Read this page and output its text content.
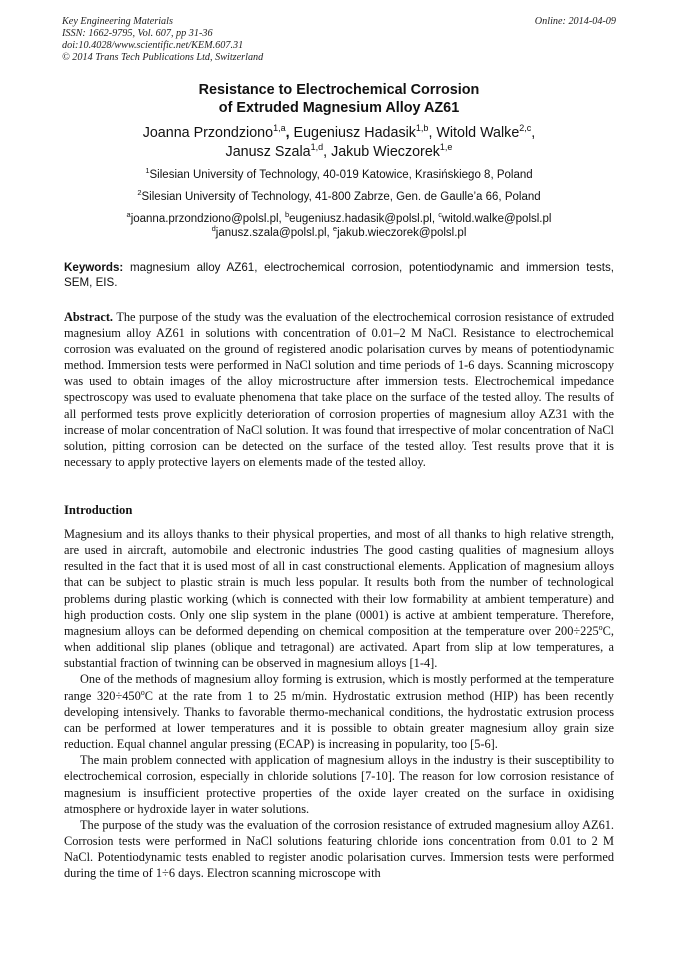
Key Engineering Materials
ISSN: 1662-9795, Vol. 607, pp 31-36
doi:10.4028/www.scientific.net/KEM.607.31
© 2014 Trans Tech Publications Ltd, Switzerland
Online: 2014-04-09
Resistance to Electrochemical Corrosion
of Extruded Magnesium Alloy AZ61
Joanna Przondziono$^{1,a}$, Eugeniusz Hadasik$^{1,b}$, Witold Walke$^{2,c}$,
Janusz Szala$^{1,d}$, Jakub Wieczorek$^{1,e}$
$^1$Silesian University of Technology, 40-019 Katowice, Krasińskiego 8, Poland
$^2$Silesian University of Technology, 41-800 Zabrze, Gen. de Gaulle’a 66, Poland
$^a$joanna.przondziono@polsl.pl, $^b$eugeniusz.hadasik@polsl.pl, $^c$witold.walke@polsl.pl
$^d$janusz.szala@polsl.pl, $^e$jakub.wieczorek@polsl.pl
Keywords: magnesium alloy AZ61, electrochemical corrosion, potentiodynamic and immersion tests, SEM, EIS.
Abstract. The purpose of the study was the evaluation of the electrochemical corrosion resistance of extruded magnesium alloy AZ61 in solutions with concentration of 0.01–2 M NaCl. Resistance to electrochemical corrosion was evaluated on the ground of registered anodic polarisation curves by means of potentiodynamic method. Immersion tests were performed in NaCl solution and time periods of 1-6 days. Scanning microscopy was used to obtain images of the alloy microstructure after immersion tests. Electrochemical impedance spectroscopy was used to evaluate phenomena that take place on the surface of the tested alloy. The results of all performed tests prove explicitly deterioration of corrosion properties of magnesium alloy AZ31 with the increase of molar concentration of NaCl solution. It was found that irrespective of molar concentration of NaCl solution, pitting corrosion can be detected on the surface of the tested alloy. Test results prove that it is necessary to apply protective layers on elements made of the tested alloy.
Introduction

Magnesium and its alloys thanks to their physical properties, and most of all thanks to high relative strength, are used in aircraft, automobile and electronic industries The good casting qualities of magnesium alloys resulted in the fact that it is used most of all in cast constructional elements. Application of magnesium alloys that can be subject to plastic strain is much less popular. It results both from the number of technological problems during plastic working (which is connected with their low formability at ambient temperature) and high production costs. Only one slip system in the plane (0001) is active at ambient temperature. Therefore, magnesium alloys can be deformed depending on chemical composition at the temperature over $200\div 225^oC$, when additional slip planes (oblique and tetragonal) are activated. Apart from slip at low temperatures, a substantial fraction of twinning can be observed in magnesium alloys [1-4].

One of the methods of magnesium alloy forming is extrusion, which is mostly performed at the temperature range $320\div 450^oC$ at the rate from 1 to 25 m/min. Hydrostatic extrusion method (HIP) has been recently developing intensively. Thanks to favorable thermo-mechanical conditions, the hydrostatic extrusion process can be performed at lower temperatures and it is possible to obtain greater magnesium alloy grain size reduction. Equal channel angular pressing (ECAP) is increasing in popularity, too [5-6].

The main problem connected with application of magnesium alloys in the industry is their susceptibility to electrochemical corrosion, especially in chloride solutions [7-10]. The reason for low corrosion resistance of magnesium is insufficient protective properties of the oxide layer created on the surface in oxidising atmosphere or hydroxide layer in water solutions.

The purpose of the study was the evaluation of the corrosion resistance of extruded magnesium alloy AZ61. Corrosion tests were performed in NaCl solutions featuring chloride ions concentration from 0.01 to 2 M NaCl. Potentiodynamic tests enabled to register anodic polarisation curves. Immersion tests were performed during the time of 1÷6 days. Electron scanning microscope with
